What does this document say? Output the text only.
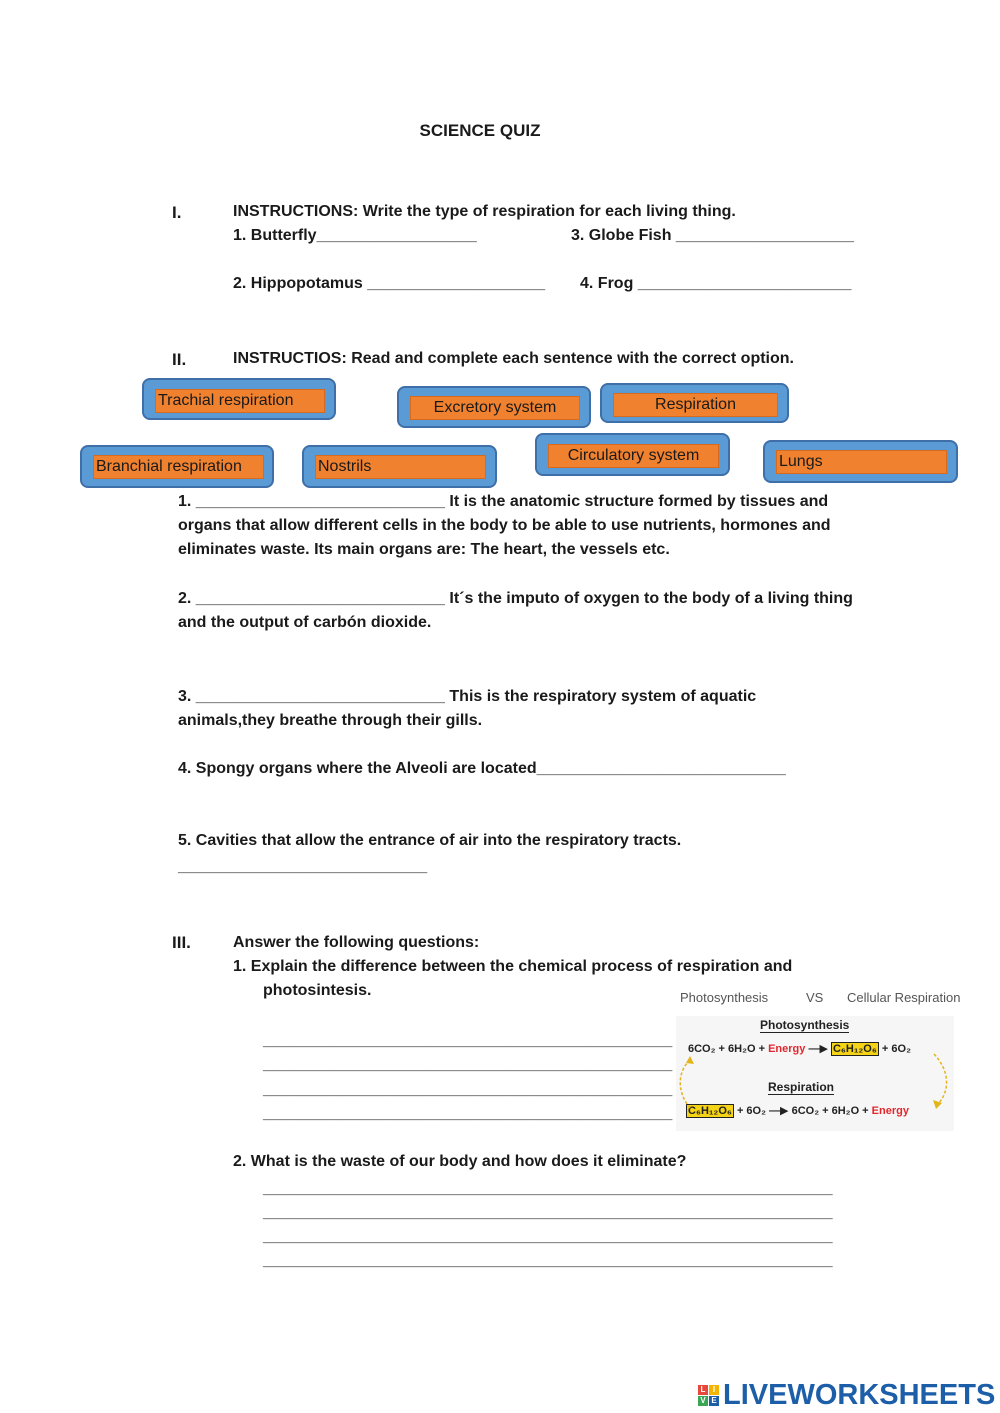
SCIENCE QUIZ
I.	INSTRUCTIONS: Write the type of respiration for each living thing.
1. Butterfly__________________	3. Globe Fish ____________________
2. Hippopotamus ____________________ 4. Frog ________________________
II.	INSTRUCTIOS: Read and complete each sentence with the correct option.
Trachial respiration	Excretory system	Respiration
Branchial respiration	Nostrils
Circulatory system	Lungs
1. ____________________________ It is the anatomic structure formed by tissues and organs that allow different cells in the body to be able to use nutrients, hormones and eliminates waste. Its main organs are: The heart, the vessels etc.
2. ____________________________ It´s the imputo of oxygen to the body of a living thing and the output of carbón dioxide.
3. ____________________________ This is the respiratory system of aquatic animals,they breathe through their gills.
4. Spongy organs where the Alveoli are located____________________________
5. Cavities that allow the entrance of air into the respiratory tracts.
____________________________
III.	Answer the following questions:
1. Explain the difference between the chemical process of respiration and
photosintesis.
______________________________________________
______________________________________________
______________________________________________
______________________________________________
Photosynthesis	VS Cellular Respiration
Photosynthesis
6CO₂ + 6H₂O + Energy —▶ C₆H₁₂O₆ + 6O₂
Respiration
C₆H₁₂O₆ + 6O₂ —▶ 6CO₂ + 6H₂O + Energy
2. What is the waste of our body and how does it eliminate?
________________________________________________________________
________________________________________________________________
________________________________________________________________
________________________________________________________________
L I
V E LIVEWORKSHEETS
